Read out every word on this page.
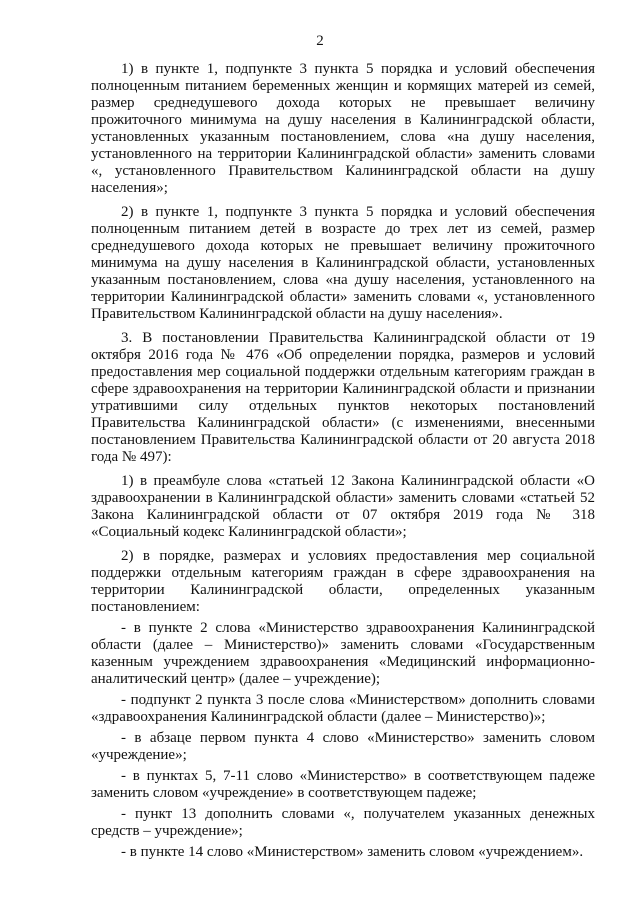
2

1) в пункте 1, подпункте 3 пункта 5 порядка и условий обеспечения полноценным питанием беременных женщин и кормящих матерей из семей, размер среднедушевого дохода которых не превышает величину прожиточного минимума на душу населения в Калининградской области, установленных указанным постановлением, слова «на душу населения, установленного на территории Калининградской области» заменить словами «, установленного Правительством Калининградской области на душу населения»;

2) в пункте 1, подпункте 3 пункта 5 порядка и условий обеспечения полноценным питанием детей в возрасте до трех лет из семей, размер среднедушевого дохода которых не превышает величину прожиточного минимума на душу населения в Калининградской области, установленных указанным постановлением, слова «на душу населения, установленного на территории Калининградской области» заменить словами «, установленного Правительством Калининградской области на душу населения».

3. В постановлении Правительства Калининградской области от 19 октября 2016 года № 476 «Об определении порядка, размеров и условий предоставления мер социальной поддержки отдельным категориям граждан в сфере здравоохранения на территории Калининградской области и признании утратившими силу отдельных пунктов некоторых постановлений Правительства Калининградской области» (с изменениями, внесенными постановлением Правительства Калининградской области от 20 августа 2018 года № 497):

1) в преамбуле слова «статьей 12 Закона Калининградской области «О здравоохранении в Калининградской области» заменить словами «статьей 52 Закона Калининградской области от 07 октября 2019 года № 318 «Социальный кодекс Калининградской области»;

2) в порядке, размерах и условиях предоставления мер социальной поддержки отдельным категориям граждан в сфере здравоохранения на территории Калининградской области, определенных указанным постановлением:

- в пункте 2 слова «Министерство здравоохранения Калининградской области (далее – Министерство)» заменить словами «Государственным казенным учреждением здравоохранения «Медицинский информационно-аналитический центр» (далее – учреждение);

- подпункт 2 пункта 3 после слова «Министерством» дополнить словами «здравоохранения Калининградской области (далее – Министерство)»;

- в абзаце первом пункта 4 слово «Министерство» заменить словом «учреждение»;

- в пунктах 5, 7-11 слово «Министерство» в соответствующем падеже заменить словом «учреждение» в соответствующем падеже;

- пункт 13 дополнить словами «, получателем указанных денежных средств – учреждение»;

- в пункте 14 слово «Министерством» заменить словом «учреждением».
